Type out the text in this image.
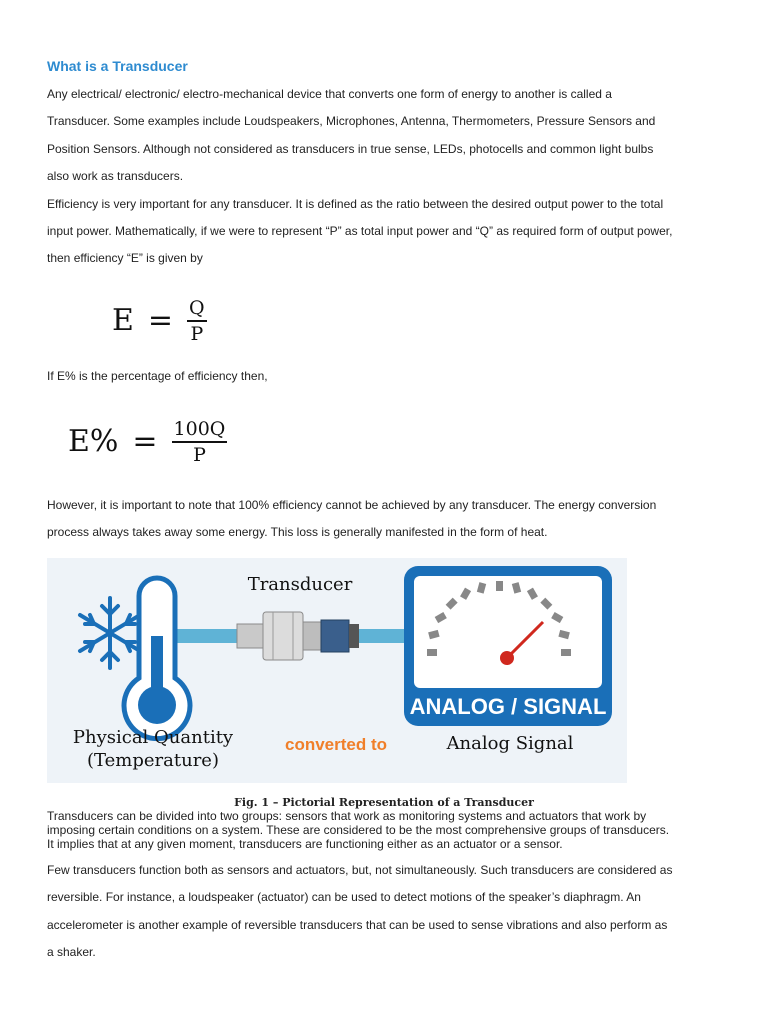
What is a Transducer
Any electrical/ electronic/ electro-mechanical device that converts one form of energy to another is called a
Transducer. Some examples include Loudspeakers, Microphones, Antenna, Thermometers, Pressure Sensors and
Position Sensors. Although not considered as transducers in true sense, LEDs, photocells and common light bulbs
also work as transducers.
Efficiency is very important for any transducer. It is defined as the ratio between the desired output power to the total
input power. Mathematically, if we were to represent “P” as total input power and “Q” as required form of output power,
then efficiency “E” is given by
$E = \frac{Q}{P}$
If E% is the percentage of efficiency then,
$E\% = \frac{100Q}{P}$
However, it is important to note that 100% efficiency cannot be achieved by any transducer. The energy conversion
process always takes away some energy. This loss is generally manifested in the form of heat.
ANALOG / SIGNAL
Transducer
Physical Quantity
(Temperature)
converted to	Analog Signal
Fig. 1 – Pictorial Representation of a Transducer
Transducers can be divided into two groups: sensors that work as monitoring systems and actuators that work by
imposing certain conditions on a system. These are considered to be the most comprehensive groups of transducers.
It implies that at any given moment, transducers are functioning either as an actuator or a sensor.
Few transducers function both as sensors and actuators, but, not simultaneously. Such transducers are considered as
reversible. For instance, a loudspeaker (actuator) can be used to detect motions of the speaker’s diaphragm. An
accelerometer is another example of reversible transducers that can be used to sense vibrations and also perform as
a shaker.
